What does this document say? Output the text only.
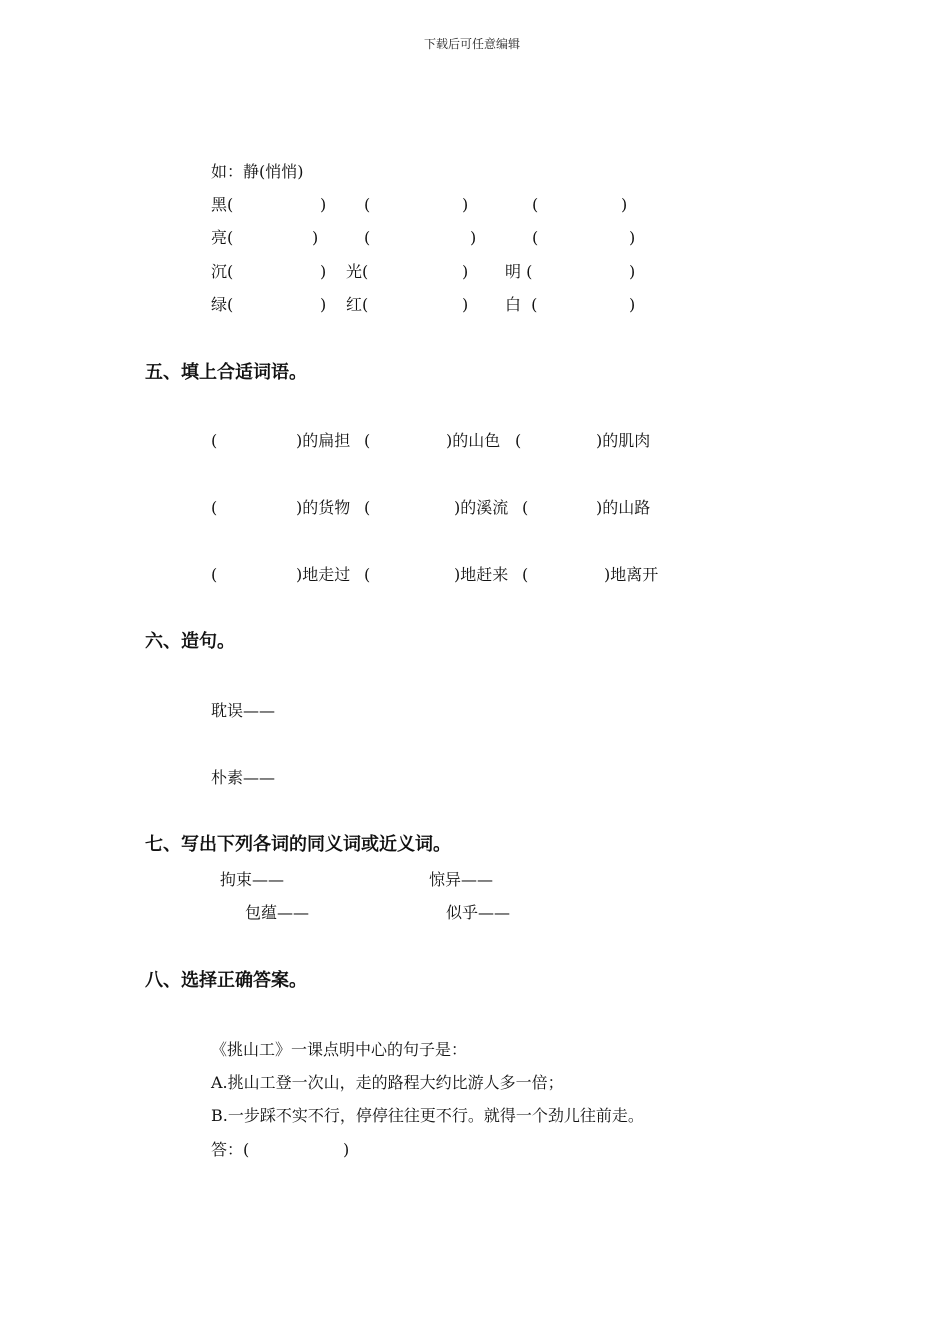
下载后可任意编辑
如：静(悄悄)
黑(	) (	)	(	)
亮(	)	(	)	(	)
沉(	) 光(	) 明 (	)
绿(	) 红(	) 白  (	)
五、填上合适词语。
(	)的扁担 (	)的山色 (	)的肌肉
(	)的货物 (	)的溪流 (	)的山路
(	)地走过 (	)地赶来 (	)地离开
六、造句。
耽误——
朴素——
七、写出下列各词的同义词或近义词。
拘束——	惊异——
包蕴——	似乎——
八、选择正确答案。
《挑山工》一课点明中心的句子是：
A.挑山工登一次山，走的路程大约比游人多一倍；
B.一步踩不实不行，停停往往更不行。就得一个劲儿往前走。
答：(	)
